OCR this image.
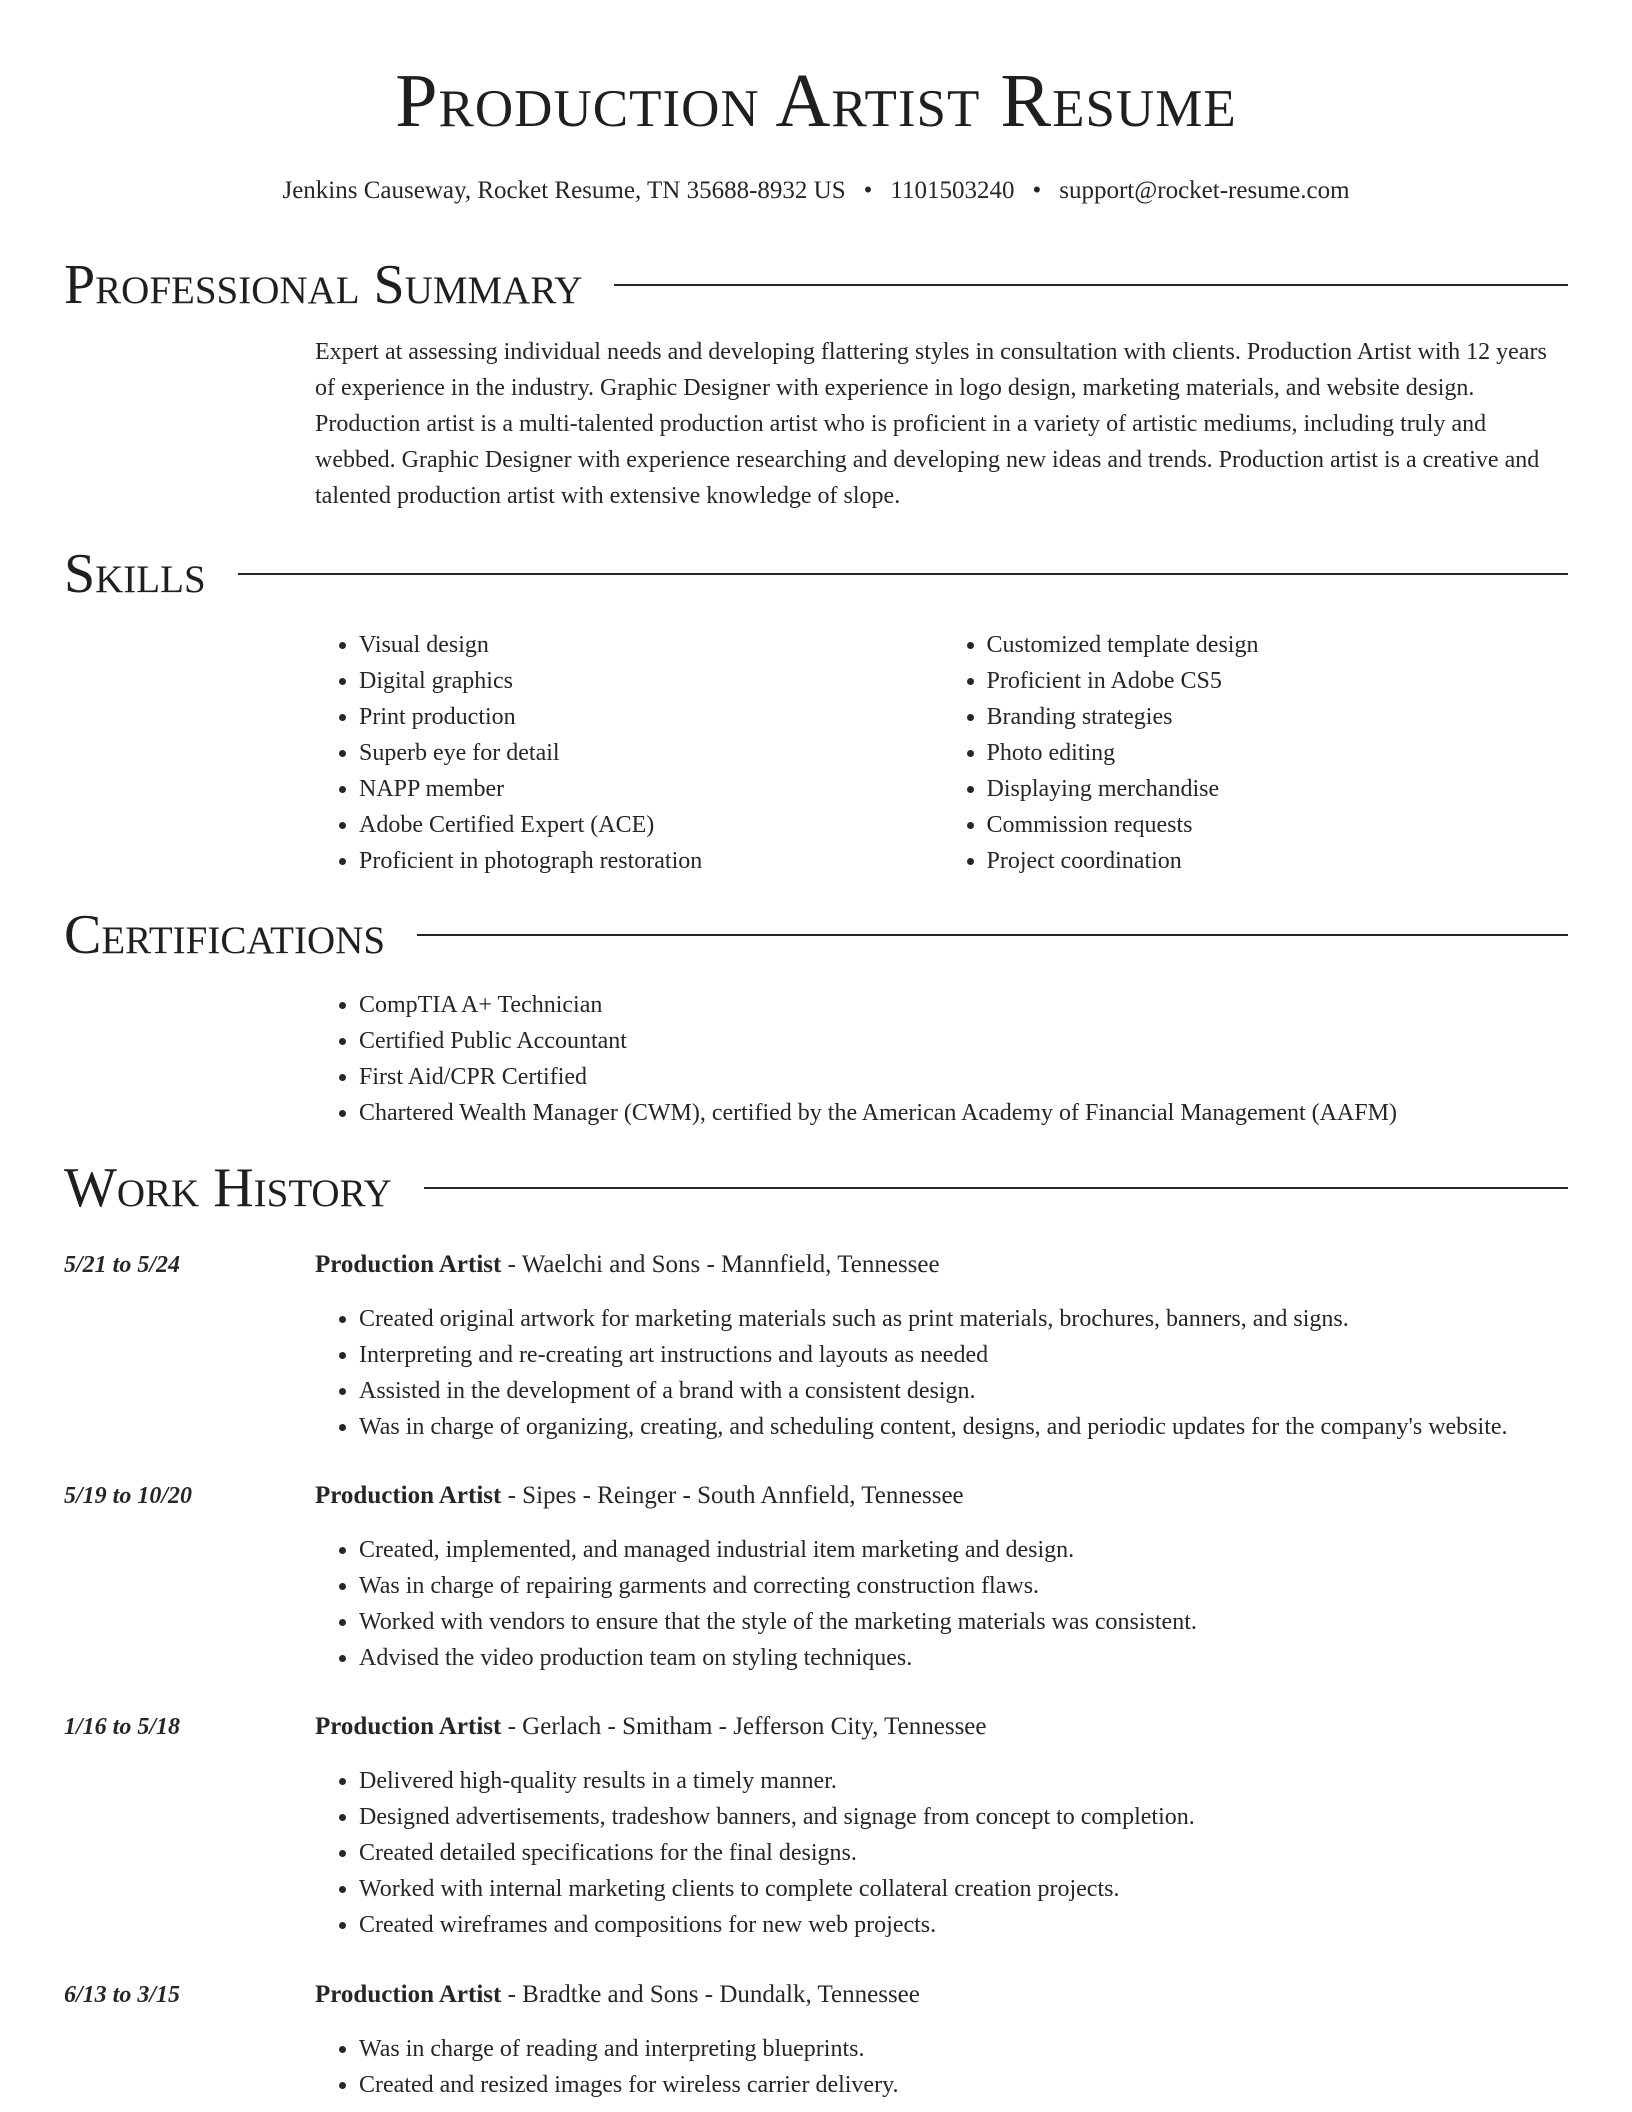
Production Artist Resume
Jenkins Causeway, Rocket Resume, TN 35688-8932 US • 1101503240 • support@rocket-resume.com
Professional Summary
Expert at assessing individual needs and developing flattering styles in consultation with clients. Production Artist with 12 years of experience in the industry. Graphic Designer with experience in logo design, marketing materials, and website design. Production artist is a multi-talented production artist who is proficient in a variety of artistic mediums, including truly and webbed. Graphic Designer with experience researching and developing new ideas and trends. Production artist is a creative and talented production artist with extensive knowledge of slope.
Skills
• Visual design
• Digital graphics
• Print production
• Superb eye for detail
• NAPP member
• Adobe Certified Expert (ACE)
• Proficient in photograph restoration
• Customized template design
• Proficient in Adobe CS5
• Branding strategies
• Photo editing
• Displaying merchandise
• Commission requests
• Project coordination
Certifications
• CompTIA A+ Technician
• Certified Public Accountant
• First Aid/CPR Certified
• Chartered Wealth Manager (CWM), certified by the American Academy of Financial Management (AAFM)
Work History
5/21 to 5/24	Production Artist - Waelchi and Sons - Mannfield, Tennessee
• Created original artwork for marketing materials such as print materials, brochures, banners, and signs.
• Interpreting and re-creating art instructions and layouts as needed
• Assisted in the development of a brand with a consistent design.
• Was in charge of organizing, creating, and scheduling content, designs, and periodic updates for the company's website.
5/19 to 10/20	Production Artist - Sipes - Reinger - South Annfield, Tennessee
• Created, implemented, and managed industrial item marketing and design.
• Was in charge of repairing garments and correcting construction flaws.
• Worked with vendors to ensure that the style of the marketing materials was consistent.
• Advised the video production team on styling techniques.
1/16 to 5/18	Production Artist - Gerlach - Smitham - Jefferson City, Tennessee
• Delivered high-quality results in a timely manner.
• Designed advertisements, tradeshow banners, and signage from concept to completion.
• Created detailed specifications for the final designs.
• Worked with internal marketing clients to complete collateral creation projects.
• Created wireframes and compositions for new web projects.
6/13 to 3/15	Production Artist - Bradtke and Sons - Dundalk, Tennessee
• Was in charge of reading and interpreting blueprints.
• Created and resized images for wireless carrier delivery.
